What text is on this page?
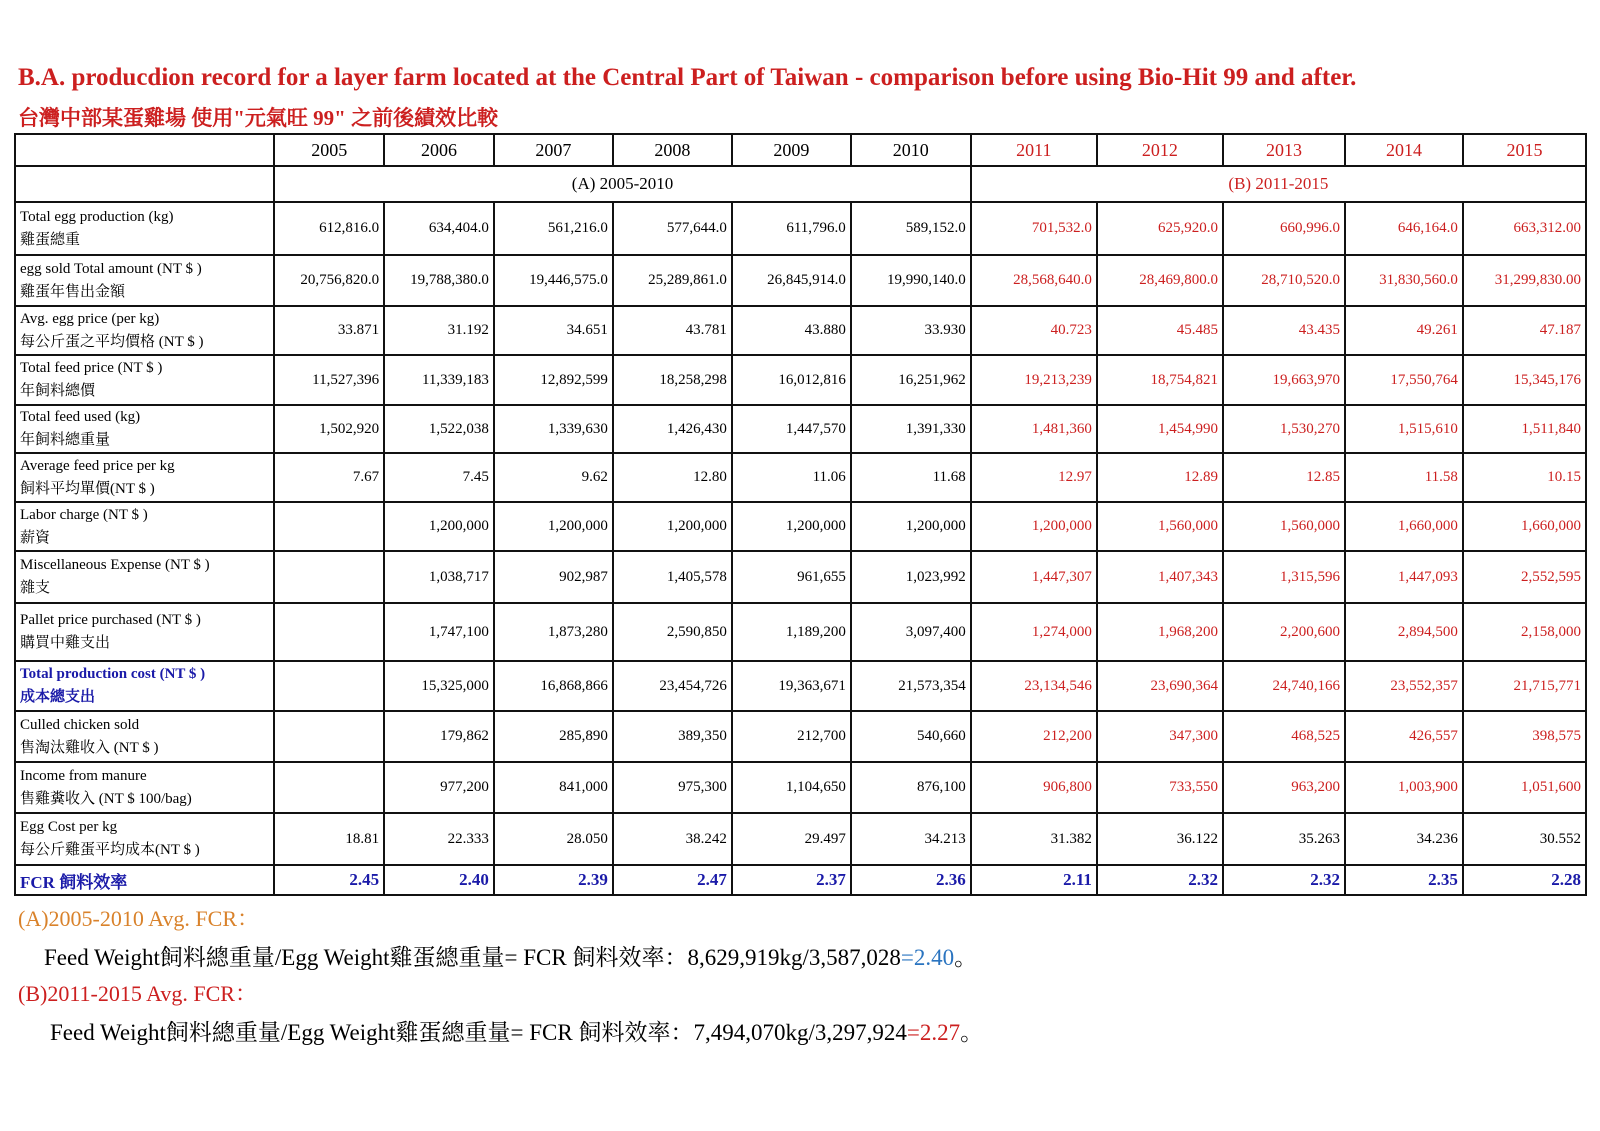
B.A. producdion record for a layer farm located at the Central Part of Taiwan - comparison before using Bio-Hit 99 and after.
台灣中部某蛋雞場 使用"元氣旺 99" 之前後績效比較
	2005	2006	2007	2008	2009	2010	2011	2012	2013	2014	2015
	(A) 2005-2010						(B) 2011-2015				

Total egg production (kg)
雞蛋總重	612,816.0	634,404.0	561,216.0	577,644.0	611,796.0	589,152.0	701,532.0	625,920.0	660,996.0	646,164.0	663,312.00

egg sold Total amount (NT $ )
雞蛋年售出金額	20,756,820.0	19,788,380.0	19,446,575.0	25,289,861.0	26,845,914.0	19,990,140.0	28,568,640.0	28,469,800.0	28,710,520.0	31,830,560.0	31,299,830.00

Avg. egg price (per kg)
每公斤蛋之平均價格 (NT $ )	33.871	31.192	34.651	43.781	43.880	33.930	40.723	45.485	43.435	49.261	47.187

Total feed price (NT $ )
年飼料總價	11,527,396	11,339,183	12,892,599	18,258,298	16,012,816	16,251,962	19,213,239	18,754,821	19,663,970	17,550,764	15,345,176

Total feed used (kg)
年飼料總重量	1,502,920	1,522,038	1,339,630	1,426,430	1,447,570	1,391,330	1,481,360	1,454,990	1,530,270	1,515,610	1,511,840

Average feed price per kg
飼料平均單價(NT $ )	7.67	7.45	9.62	12.80	11.06	11.68	12.97	12.89	12.85	11.58	10.15

Labor charge (NT $ )
薪資		1,200,000	1,200,000	1,200,000	1,200,000	1,200,000	1,200,000	1,560,000	1,560,000	1,660,000	1,660,000

Miscellaneous Expense (NT $ )
雜支		1,038,717	902,987	1,405,578	961,655	1,023,992	1,447,307	1,407,343	1,315,596	1,447,093	2,552,595

Pallet price purchased (NT $ )
購買中雞支出		1,747,100	1,873,280	2,590,850	1,189,200	3,097,400	1,274,000	1,968,200	2,200,600	2,894,500	2,158,000

Total production cost (NT $ )
成本總支出		15,325,000	16,868,866	23,454,726	19,363,671	21,573,354	23,134,546	23,690,364	24,740,166	23,552,357	21,715,771

Culled chicken sold
售淘汰雞收入 (NT $ )		179,862	285,890	389,350	212,700	540,660	212,200	347,300	468,525	426,557	398,575

Income from manure
售雞糞收入 (NT $ 100/bag)		977,200	841,000	975,300	1,104,650	876,100	906,800	733,550	963,200	1,003,900	1,051,600

Egg Cost per kg
每公斤雞蛋平均成本(NT $ )	18.81	22.333	28.050	38.242	29.497	34.213	31.382	36.122	35.263	34.236	30.552
FCR 飼料效率	2.45	2.40	2.39	2.47	2.37	2.36	2.11	2.32	2.32	2.35	2.28
(A)2005-2010 Avg. FCR：
Feed Weight飼料總重量/Egg Weight雞蛋總重量= FCR 飼料效率：8,629,919kg/3,587,028=2.40。
(B)2011-2015 Avg. FCR：
Feed Weight飼料總重量/Egg Weight雞蛋總重量= FCR 飼料效率：7,494,070kg/3,297,924=2.27。
